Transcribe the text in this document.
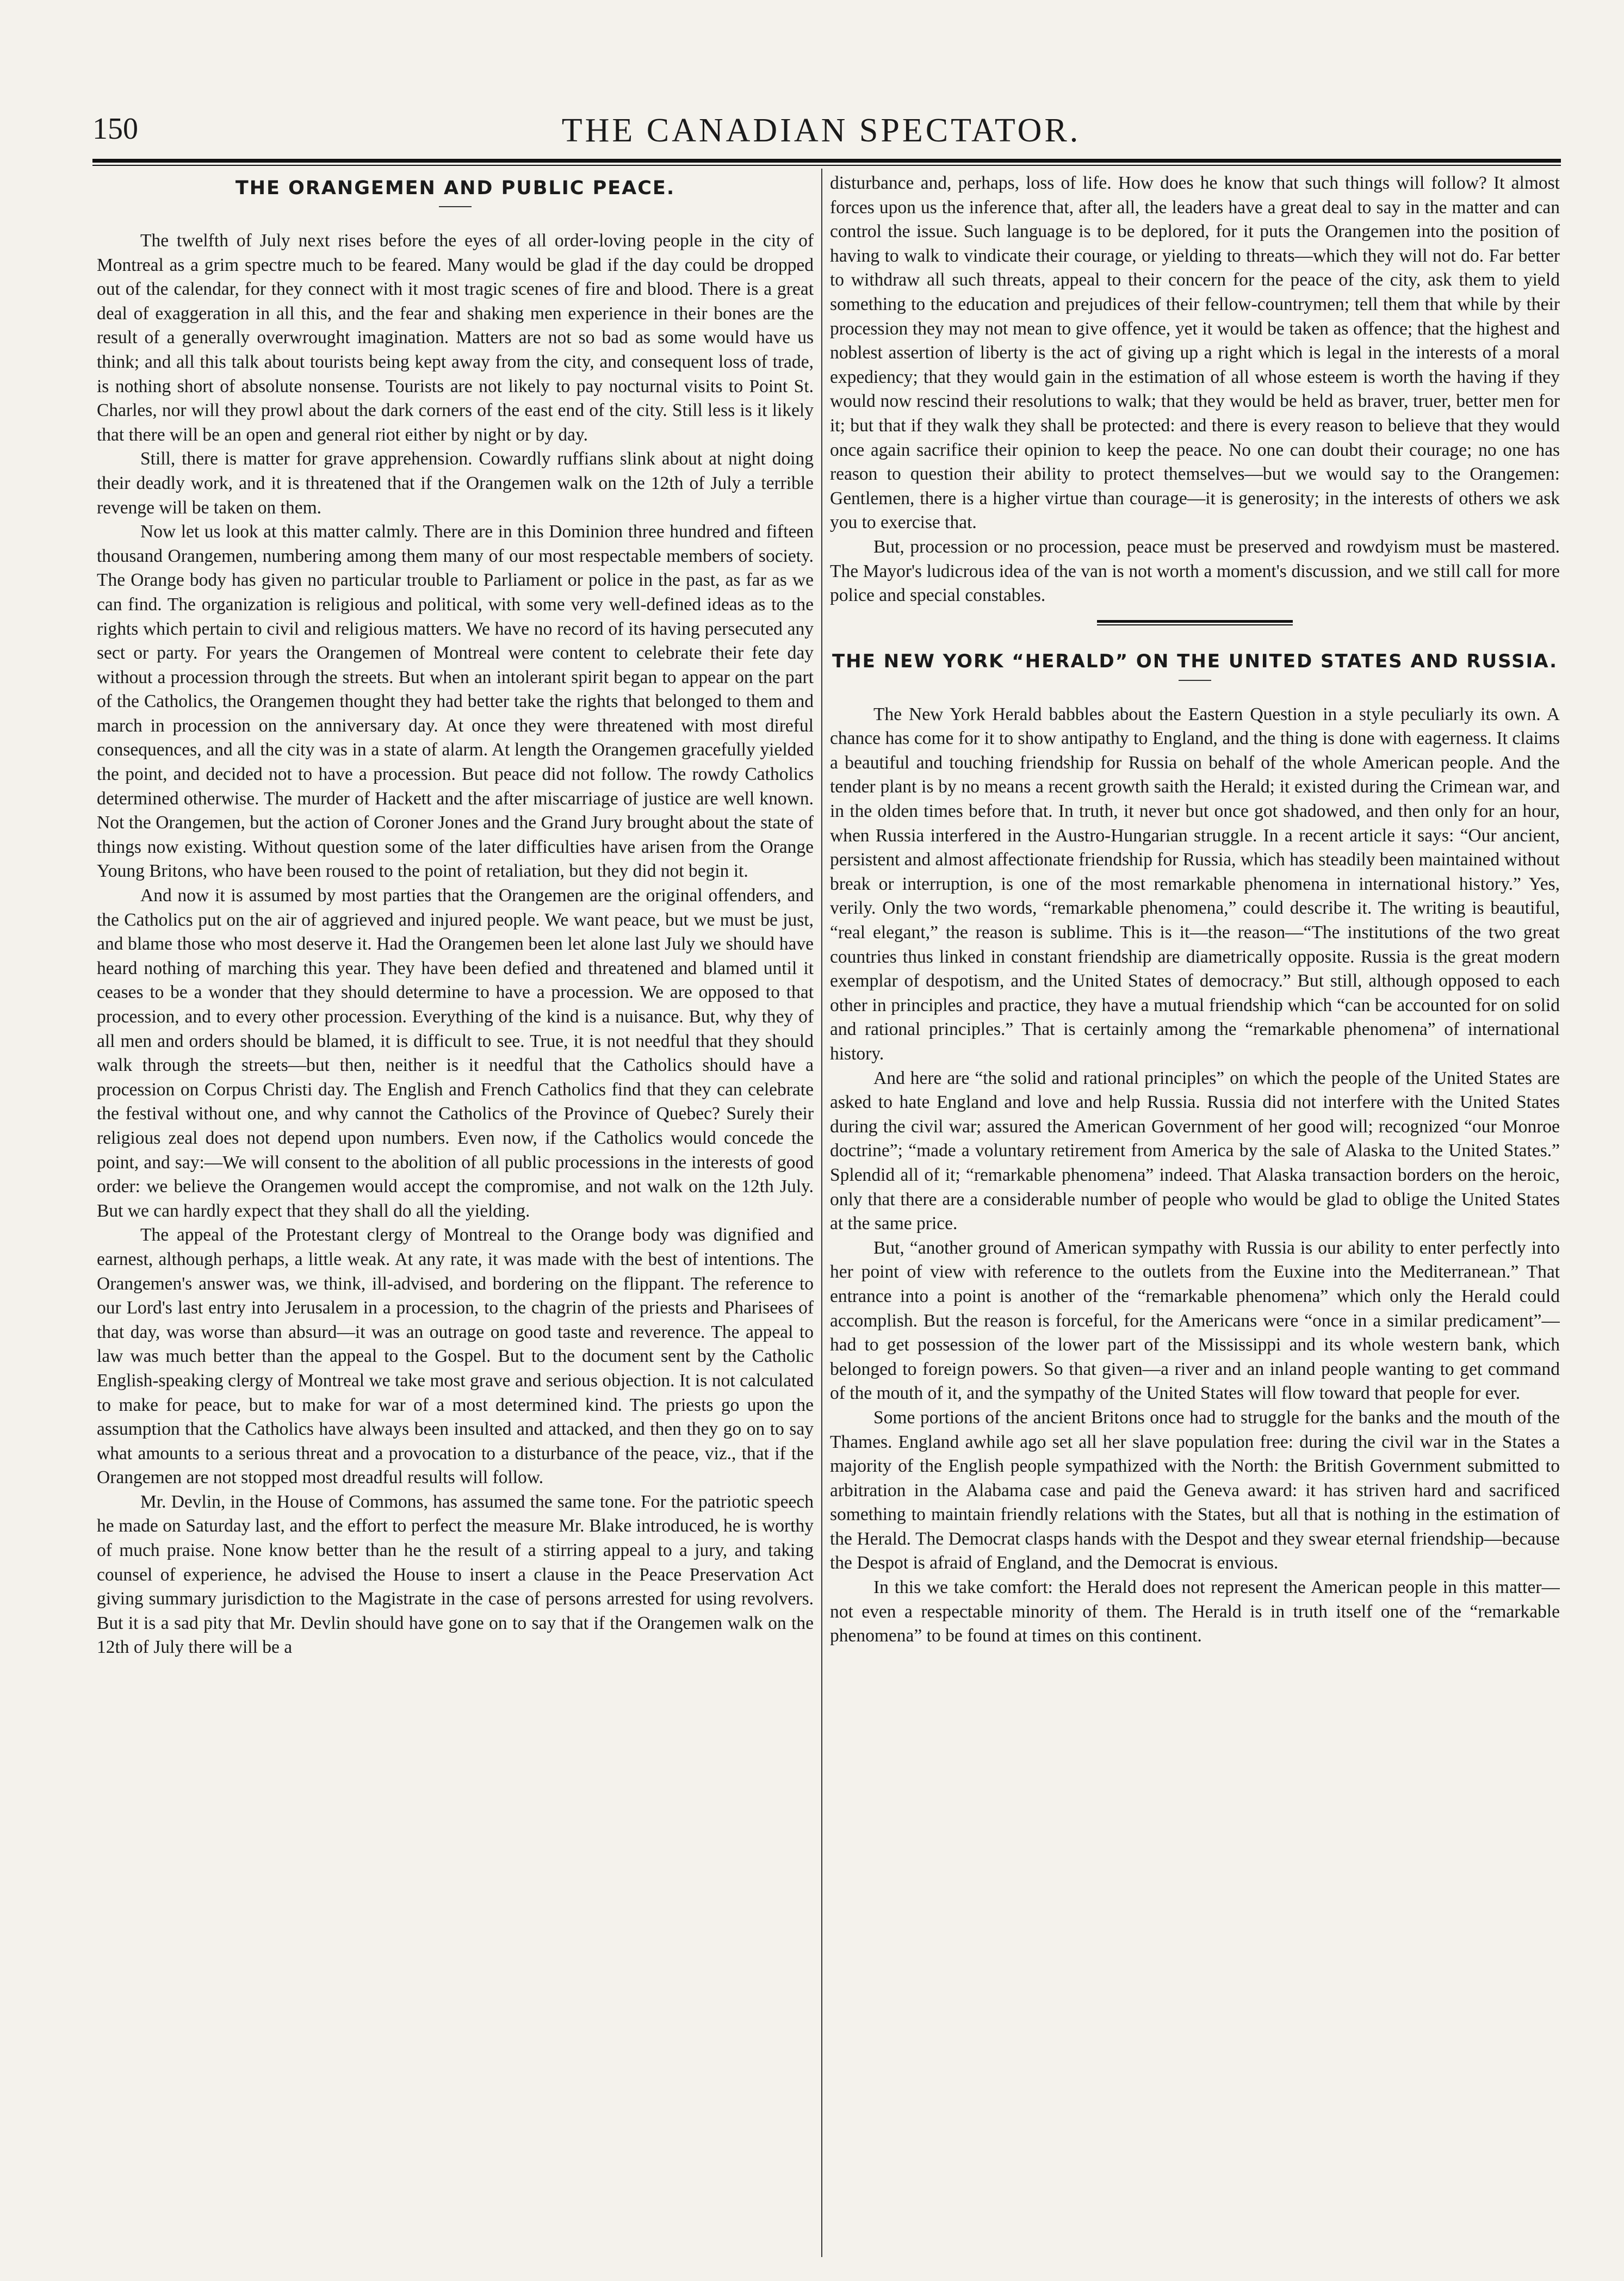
150	THE CANADIAN SPECTATOR.
THE ORANGEMEN AND PUBLIC PEACE.

The twelfth of July next rises before the eyes of all order-loving people in the city of Montreal as a grim spectre much to be feared. Many would be glad if the day could be dropped out of the calendar, for they connect with it most tragic scenes of fire and blood. There is a great deal of exaggeration in all this, and the fear and shaking men experience in their bones are the result of a generally overwrought imagination. Matters are not so bad as some would have us think; and all this talk about tourists being kept away from the city, and consequent loss of trade, is nothing short of absolute nonsense. Tourists are not likely to pay nocturnal visits to Point St. Charles, nor will they prowl about the dark corners of the east end of the city. Still less is it likely that there will be an open and general riot either by night or by day.

Still, there is matter for grave apprehension. Cowardly ruffians slink about at night doing their deadly work, and it is threatened that if the Orangemen walk on the 12th of July a terrible revenge will be taken on them.

Now let us look at this matter calmly. There are in this Dominion three hundred and fifteen thousand Orangemen, numbering among them many of our most respectable members of society. The Orange body has given no particular trouble to Parliament or police in the past, as far as we can find. The organization is religious and political, with some very well-defined ideas as to the rights which pertain to civil and religious matters. We have no record of its having persecuted any sect or party. For years the Orangemen of Montreal were content to celebrate their fete day without a procession through the streets. But when an intolerant spirit began to appear on the part of the Catholics, the Orangemen thought they had better take the rights that belonged to them and march in procession on the anniversary day. At once they were threatened with most direful consequences, and all the city was in a state of alarm. At length the Orangemen gracefully yielded the point, and decided not to have a procession. But peace did not follow. The rowdy Catholics determined otherwise. The murder of Hackett and the after miscarriage of justice are well known. Not the Orangemen, but the action of Coroner Jones and the Grand Jury brought about the state of things now existing. Without question some of the later difficulties have arisen from the Orange Young Britons, who have been roused to the point of retaliation, but they did not begin it.

And now it is assumed by most parties that the Orangemen are the original offenders, and the Catholics put on the air of aggrieved and injured people. We want peace, but we must be just, and blame those who most deserve it. Had the Orangemen been let alone last July we should have heard nothing of marching this year. They have been defied and threatened and blamed until it ceases to be a wonder that they should determine to have a procession. We are opposed to that procession, and to every other procession. Everything of the kind is a nuisance. But, why they of all men and orders should be blamed, it is difficult to see. True, it is not needful that they should walk through the streets—but then, neither is it needful that the Catholics should have a procession on Corpus Christi day. The English and French Catholics find that they can celebrate the festival without one, and why cannot the Catholics of the Province of Quebec? Surely their religious zeal does not depend upon numbers. Even now, if the Catholics would concede the point, and say:—We will consent to the abolition of all public processions in the interests of good order: we believe the Orangemen would accept the compromise, and not walk on the 12th July. But we can hardly expect that they shall do all the yielding.

The appeal of the Protestant clergy of Montreal to the Orange body was dignified and earnest, although perhaps, a little weak. At any rate, it was made with the best of intentions. The Orangemen's answer was, we think, ill-advised, and bordering on the flippant. The reference to our Lord's last entry into Jerusalem in a procession, to the chagrin of the priests and Pharisees of that day, was worse than absurd—it was an outrage on good taste and reverence. The appeal to law was much better than the appeal to the Gospel. But to the document sent by the Catholic English-speaking clergy of Montreal we take most grave and serious objection. It is not calculated to make for peace, but to make for war of a most determined kind. The priests go upon the assumption that the Catholics have always been insulted and attacked, and then they go on to say what amounts to a serious threat and a provocation to a disturbance of the peace, viz., that if the Orangemen are not stopped most dreadful results will follow.

Mr. Devlin, in the House of Commons, has assumed the same tone. For the patriotic speech he made on Saturday last, and the effort to perfect the measure Mr. Blake introduced, he is worthy of much praise. None know better than he the result of a stirring appeal to a jury, and taking counsel of experience, he advised the House to insert a clause in the Peace Preservation Act giving summary jurisdiction to the Magistrate in the case of persons arrested for using revolvers. But it is a sad pity that Mr. Devlin should have gone on to say that if the Orangemen walk on the 12th of July there will be a

disturbance and, perhaps, loss of life. How does he know that such things will follow? It almost forces upon us the inference that, after all, the leaders have a great deal to say in the matter and can control the issue. Such language is to be deplored, for it puts the Orangemen into the position of having to walk to vindicate their courage, or yielding to threats—which they will not do. Far better to withdraw all such threats, appeal to their concern for the peace of the city, ask them to yield something to the education and prejudices of their fellow-countrymen; tell them that while by their procession they may not mean to give offence, yet it would be taken as offence; that the highest and noblest assertion of liberty is the act of giving up a right which is legal in the interests of a moral expediency; that they would gain in the estimation of all whose esteem is worth the having if they would now rescind their resolutions to walk; that they would be held as braver, truer, better men for it; but that if they walk they shall be protected: and there is every reason to believe that they would once again sacrifice their opinion to keep the peace. No one can doubt their courage; no one has reason to question their ability to protect themselves—but we would say to the Orangemen: Gentlemen, there is a higher virtue than courage—it is generosity; in the interests of others we ask you to exercise that.

But, procession or no procession, peace must be preserved and rowdyism must be mastered. The Mayor's ludicrous idea of the van is not worth a moment's discussion, and we still call for more police and special constables.

THE NEW YORK “HERALD” ON THE UNITED STATES AND RUSSIA.

The New York Herald babbles about the Eastern Question in a style peculiarly its own. A chance has come for it to show antipathy to England, and the thing is done with eagerness. It claims a beautiful and touching friendship for Russia on behalf of the whole American people. And the tender plant is by no means a recent growth saith the Herald; it existed during the Crimean war, and in the olden times before that. In truth, it never but once got shadowed, and then only for an hour, when Russia interfered in the Austro-Hungarian struggle. In a recent article it says: “Our ancient, persistent and almost affectionate friendship for Russia, which has steadily been maintained without break or interruption, is one of the most remarkable phenomena in international history.” Yes, verily. Only the two words, “remarkable phenomena,” could describe it. The writing is beautiful, “real elegant,” the reason is sublime. This is it—the reason—“The institutions of the two great countries thus linked in constant friendship are diametrically opposite. Russia is the great modern exemplar of despotism, and the United States of democracy.” But still, although opposed to each other in principles and practice, they have a mutual friendship which “can be accounted for on solid and rational principles.” That is certainly among the “remarkable phenomena” of international history.

And here are “the solid and rational principles” on which the people of the United States are asked to hate England and love and help Russia. Russia did not interfere with the United States during the civil war; assured the American Government of her good will; recognized “our Monroe doctrine”; “made a voluntary retirement from America by the sale of Alaska to the United States.” Splendid all of it; “remarkable phenomena” indeed. That Alaska transaction borders on the heroic, only that there are a considerable number of people who would be glad to oblige the United States at the same price.

But, “another ground of American sympathy with Russia is our ability to enter perfectly into her point of view with reference to the outlets from the Euxine into the Mediterranean.” That entrance into a point is another of the “remarkable phenomena” which only the Herald could accomplish. But the reason is forceful, for the Americans were “once in a similar predicament”—had to get possession of the lower part of the Mississippi and its whole western bank, which belonged to foreign powers. So that given—a river and an inland people wanting to get command of the mouth of it, and the sympathy of the United States will flow toward that people for ever.

Some portions of the ancient Britons once had to struggle for the banks and the mouth of the Thames. England awhile ago set all her slave population free: during the civil war in the States a majority of the English people sympathized with the North: the British Government submitted to arbitration in the Alabama case and paid the Geneva award: it has striven hard and sacrificed something to maintain friendly relations with the States, but all that is nothing in the estimation of the Herald. The Democrat clasps hands with the Despot and they swear eternal friendship—because the Despot is afraid of England, and the Democrat is envious.

In this we take comfort: the Herald does not represent the American people in this matter—not even a respectable minority of them. The Herald is in truth itself one of the “remarkable phenomena” to be found at times on this continent.
